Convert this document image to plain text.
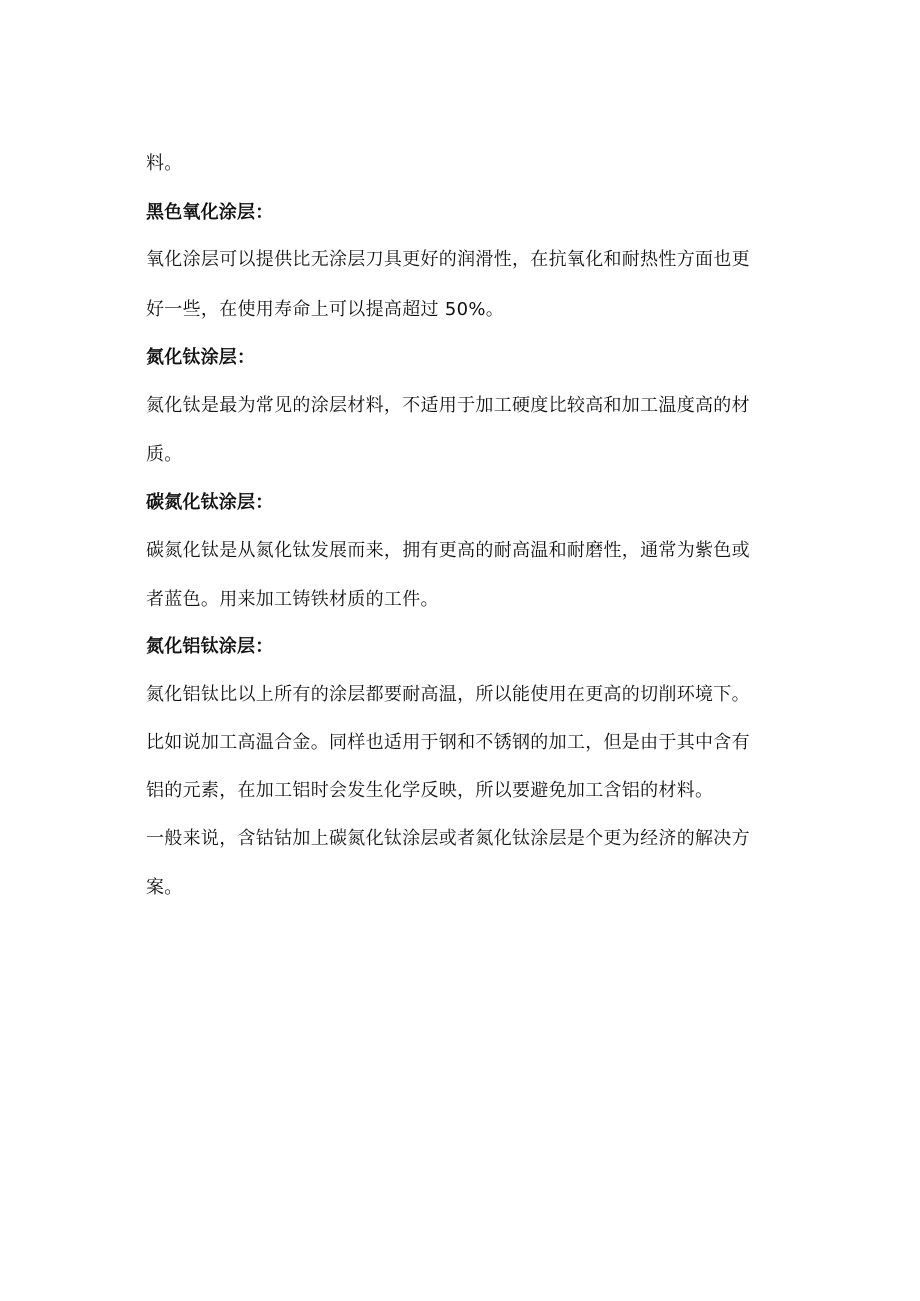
料。
黑色氧化涂层：
氧化涂层可以提供比无涂层刀具更好的润滑性，在抗氧化和耐热性方面也更
好一些，在使用寿命上可以提高超过 50%。
氮化钛涂层：
氮化钛是最为常见的涂层材料，不适用于加工硬度比较高和加工温度高的材
质。
碳氮化钛涂层：
碳氮化钛是从氮化钛发展而来，拥有更高的耐高温和耐磨性，通常为紫色或
者蓝色。用来加工铸铁材质的工件。
氮化铝钛涂层：
氮化铝钛比以上所有的涂层都要耐高温，所以能使用在更高的切削环境下。
比如说加工高温合金。同样也适用于钢和不锈钢的加工，但是由于其中含有
铝的元素，在加工铝时会发生化学反映，所以要避免加工含铝的材料。
一般来说，含钴钴加上碳氮化钛涂层或者氮化钛涂层是个更为经济的解决方
案。
